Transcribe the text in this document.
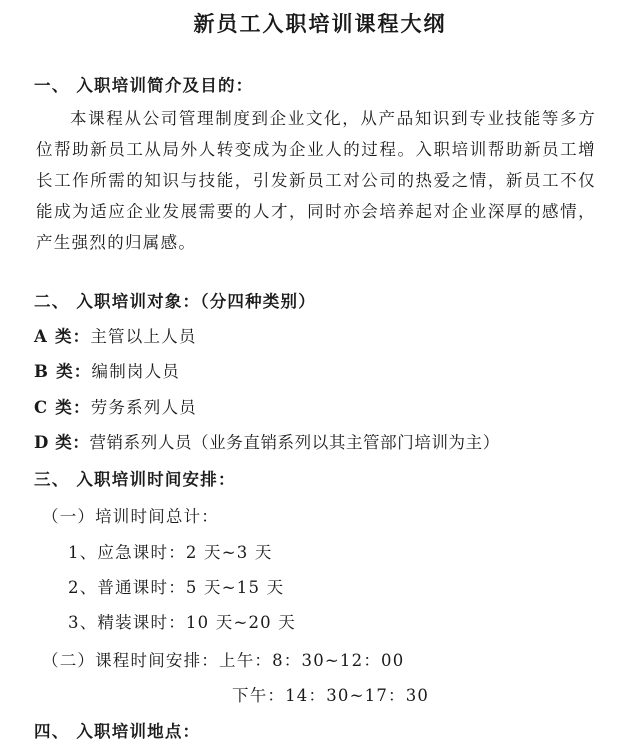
新员工入职培训课程大纲
一、 入职培训简介及目的：
本课程从公司管理制度到企业文化，从产品知识到专业技能等多方位帮助新员工从局外人转变成为企业人的过程。入职培训帮助新员工增长工作所需的知识与技能，引发新员工对公司的热爱之情，新员工不仅能成为适应企业发展需要的人才，同时亦会培养起对企业深厚的感情，产生强烈的归属感。
二、 入职培训对象：（分四种类别）
A 类：主管以上人员
B 类：编制岗人员
C 类：劳务系列人员
D 类：营销系列人员（业务直销系列以其主管部门培训为主）
三、 入职培训时间安排：
（一）培训时间总计：
1、应急课时：2 天~3 天
2、普通课时：5 天~15 天
3、精装课时：10 天~20 天
（二）课程时间安排：上午：8：30~12：00
下午：14：30~17：30
四、 入职培训地点：
